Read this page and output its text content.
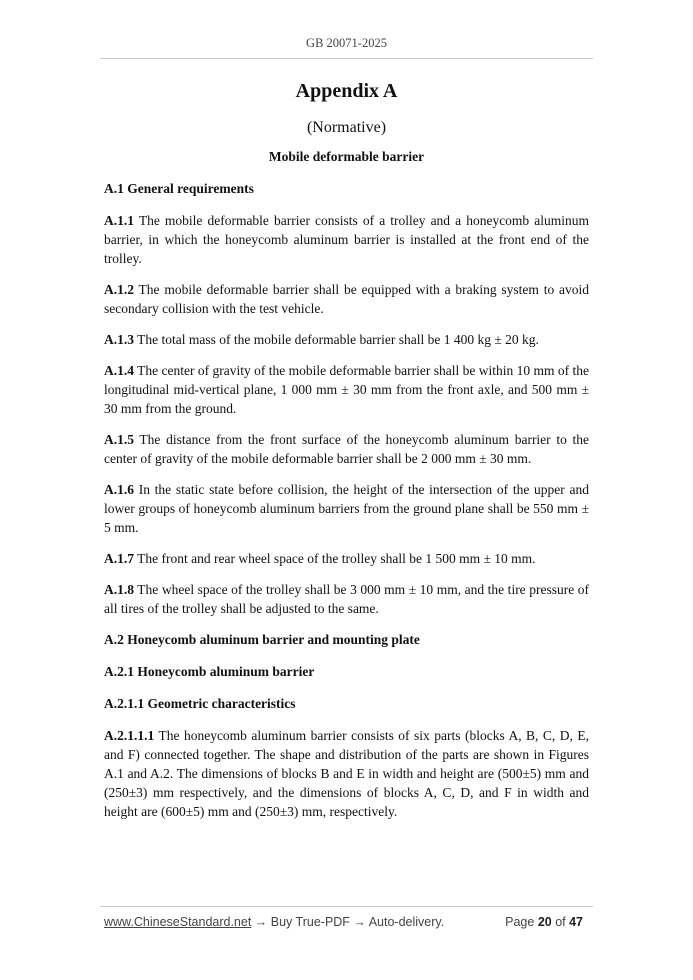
GB 20071-2025
Appendix A
(Normative)
Mobile deformable barrier
A.1 General requirements
A.1.1 The mobile deformable barrier consists of a trolley and a honeycomb aluminum barrier, in which the honeycomb aluminum barrier is installed at the front end of the trolley.
A.1.2 The mobile deformable barrier shall be equipped with a braking system to avoid secondary collision with the test vehicle.
A.1.3 The total mass of the mobile deformable barrier shall be 1 400 kg ± 20 kg.
A.1.4 The center of gravity of the mobile deformable barrier shall be within 10 mm of the longitudinal mid-vertical plane, 1 000 mm ± 30 mm from the front axle, and 500 mm ± 30 mm from the ground.
A.1.5 The distance from the front surface of the honeycomb aluminum barrier to the center of gravity of the mobile deformable barrier shall be 2 000 mm ± 30 mm.
A.1.6 In the static state before collision, the height of the intersection of the upper and lower groups of honeycomb aluminum barriers from the ground plane shall be 550 mm ± 5 mm.
A.1.7 The front and rear wheel space of the trolley shall be 1 500 mm ± 10 mm.
A.1.8 The wheel space of the trolley shall be 3 000 mm ± 10 mm, and the tire pressure of all tires of the trolley shall be adjusted to the same.
A.2 Honeycomb aluminum barrier and mounting plate
A.2.1 Honeycomb aluminum barrier
A.2.1.1 Geometric characteristics
A.2.1.1.1 The honeycomb aluminum barrier consists of six parts (blocks A, B, C, D, E, and F) connected together. The shape and distribution of the parts are shown in Figures A.1 and A.2. The dimensions of blocks B and E in width and height are (500±5) mm and (250±3) mm respectively, and the dimensions of blocks A, C, D, and F in width and height are (600±5) mm and (250±3) mm, respectively.
www.ChineseStandard.net → Buy True-PDF → Auto-delivery.	Page 20 of 47
